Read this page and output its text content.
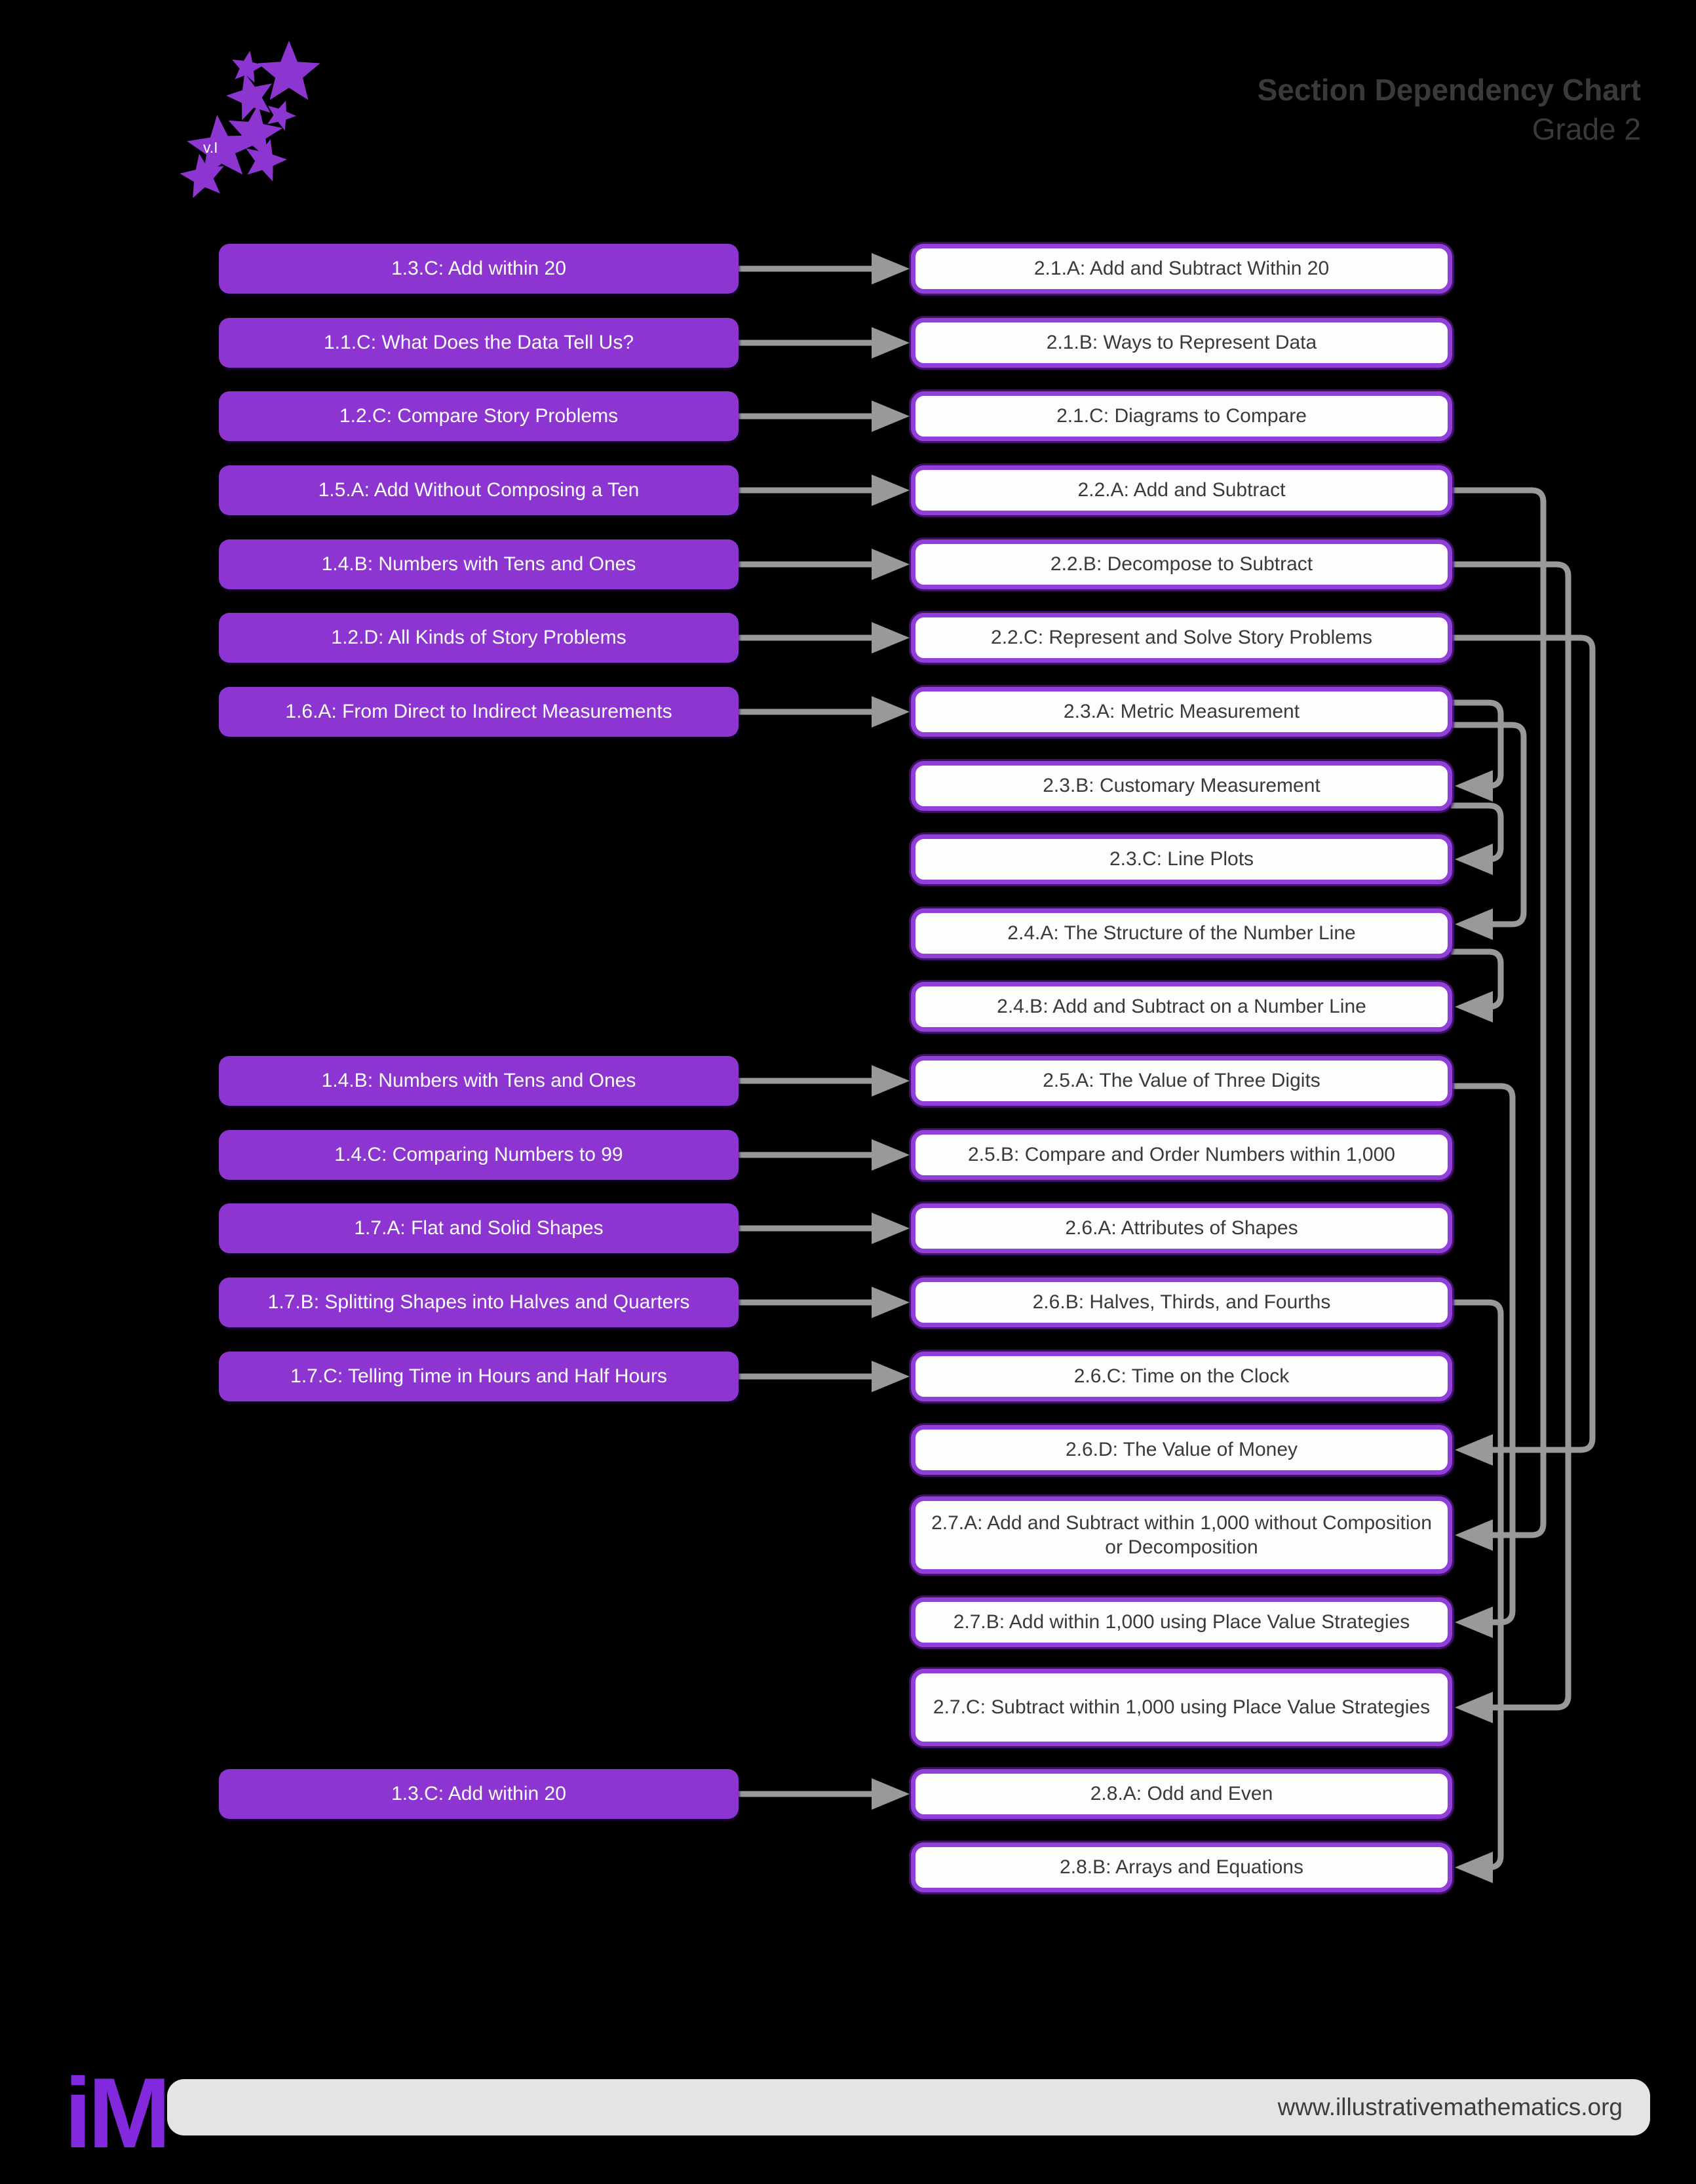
Section Dependency Chart
Grade 2
1.3.C: Add within 20
1.1.C: What Does the Data Tell Us?
1.2.C: Compare Story Problems
1.5.A: Add Without Composing a Ten
1.4.B: Numbers with Tens and Ones
1.2.D: All Kinds of Story Problems
1.6.A: From Direct to Indirect Measurements
1.4.B: Numbers with Tens and Ones
1.4.C: Comparing Numbers to 99
1.7.A: Flat and Solid Shapes
1.7.B: Splitting Shapes into Halves and Quarters
1.7.C: Telling Time in Hours and Half Hours
1.3.C: Add within 20
2.1.A: Add and Subtract Within 20
2.1.B: Ways to Represent Data
2.1.C: Diagrams to Compare
2.2.A: Add and Subtract
2.2.B: Decompose to Subtract
2.2.C: Represent and Solve Story Problems
2.3.A: Metric Measurement
2.3.B: Customary Measurement
2.3.C: Line Plots
2.4.A: The Structure of the Number Line
2.4.B: Add and Subtract on a Number Line
2.5.A: The Value of Three Digits
2.5.B: Compare and Order Numbers within 1,000
2.6.A: Attributes of Shapes
2.6.B: Halves, Thirds, and Fourths
2.6.C: Time on the Clock
2.6.D: The Value of Money
2.7.A: Add and Subtract within 1,000 without Composition or Decomposition
2.7.B: Add within 1,000 using Place Value Strategies
2.7.C: Subtract within 1,000 using Place Value Strategies
2.8.A: Odd and Even
2.8.B: Arrays and Equations
v.I
iM	www.illustrativemathematics.org
